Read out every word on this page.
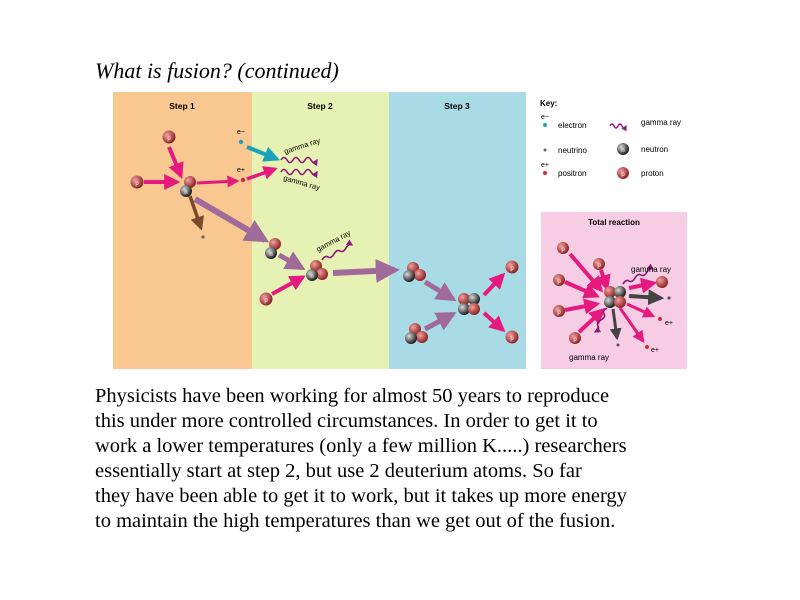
What is fusion? (continued)
Step 1	Step 2	Step 3
p
p
n
e+
e−
gamma ray
gamma ray
n
p
n
gamma ray
p
p
Key:
e−
electron	gamma ray
neutrino	n neutron
e+
positron	p proton
Total reaction
p
p
p
p
p
e+
e+
gamma ray
gamma ray
Physicists have been working for almost 50 years to reproduce
this under more controlled circumstances. In order to get it to
work a lower temperatures (only a few million K.....) researchers
essentially start at step 2, but use 2 deuterium atoms. So far
they have been able to get it to work, but it takes up more energy
to maintain the high temperatures than we get out of the fusion.
